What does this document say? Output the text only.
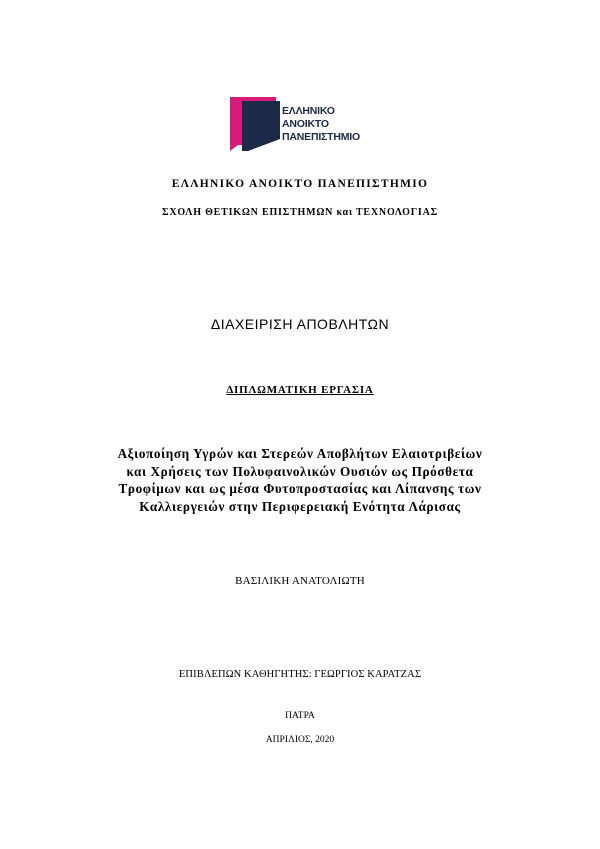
ΕΛΛΗΝΙΚΟ
ΑΝΟΙΚΤΟ
ΠΑΝΕΠΙΣΤΗΜΙΟ
ΕΛΛΗΝΙΚΟ ΑΝΟΙΚΤΟ ΠΑΝΕΠΙΣΤΗΜΙΟ
ΣΧΟΛΗ ΘΕΤΙΚΩΝ ΕΠΙΣΤΗΜΩΝ και ΤΕΧΝΟΛΟΓΙΑΣ
ΔΙΑΧΕΙΡΙΣΗ ΑΠΟΒΛΗΤΩΝ
ΔΙΠΛΩΜΑΤΙΚΗ ΕΡΓΑΣΙΑ
Αξιοποίηση Υγρών και Στερεών Αποβλήτων Ελαιοτριβείων
και Χρήσεις των Πολυφαινολικών Ουσιών ως Πρόσθετα
Τροφίμων και ως μέσα Φυτοπροστασίας και Λίπανσης των
Καλλιεργειών στην Περιφερειακή Ενότητα Λάρισας
ΒΑΣΙΛΙΚΗ ΑΝΑΤΟΛΙΩΤΗ
ΕΠΙΒΛΕΠΩΝ ΚΑΘΗΓΗΤΗΣ: ΓΕΩΡΓΙΟΣ ΚΑΡΑΤΖΑΣ
ΠΑΤΡΑ
ΑΠΡΙΛΙΟΣ, 2020
